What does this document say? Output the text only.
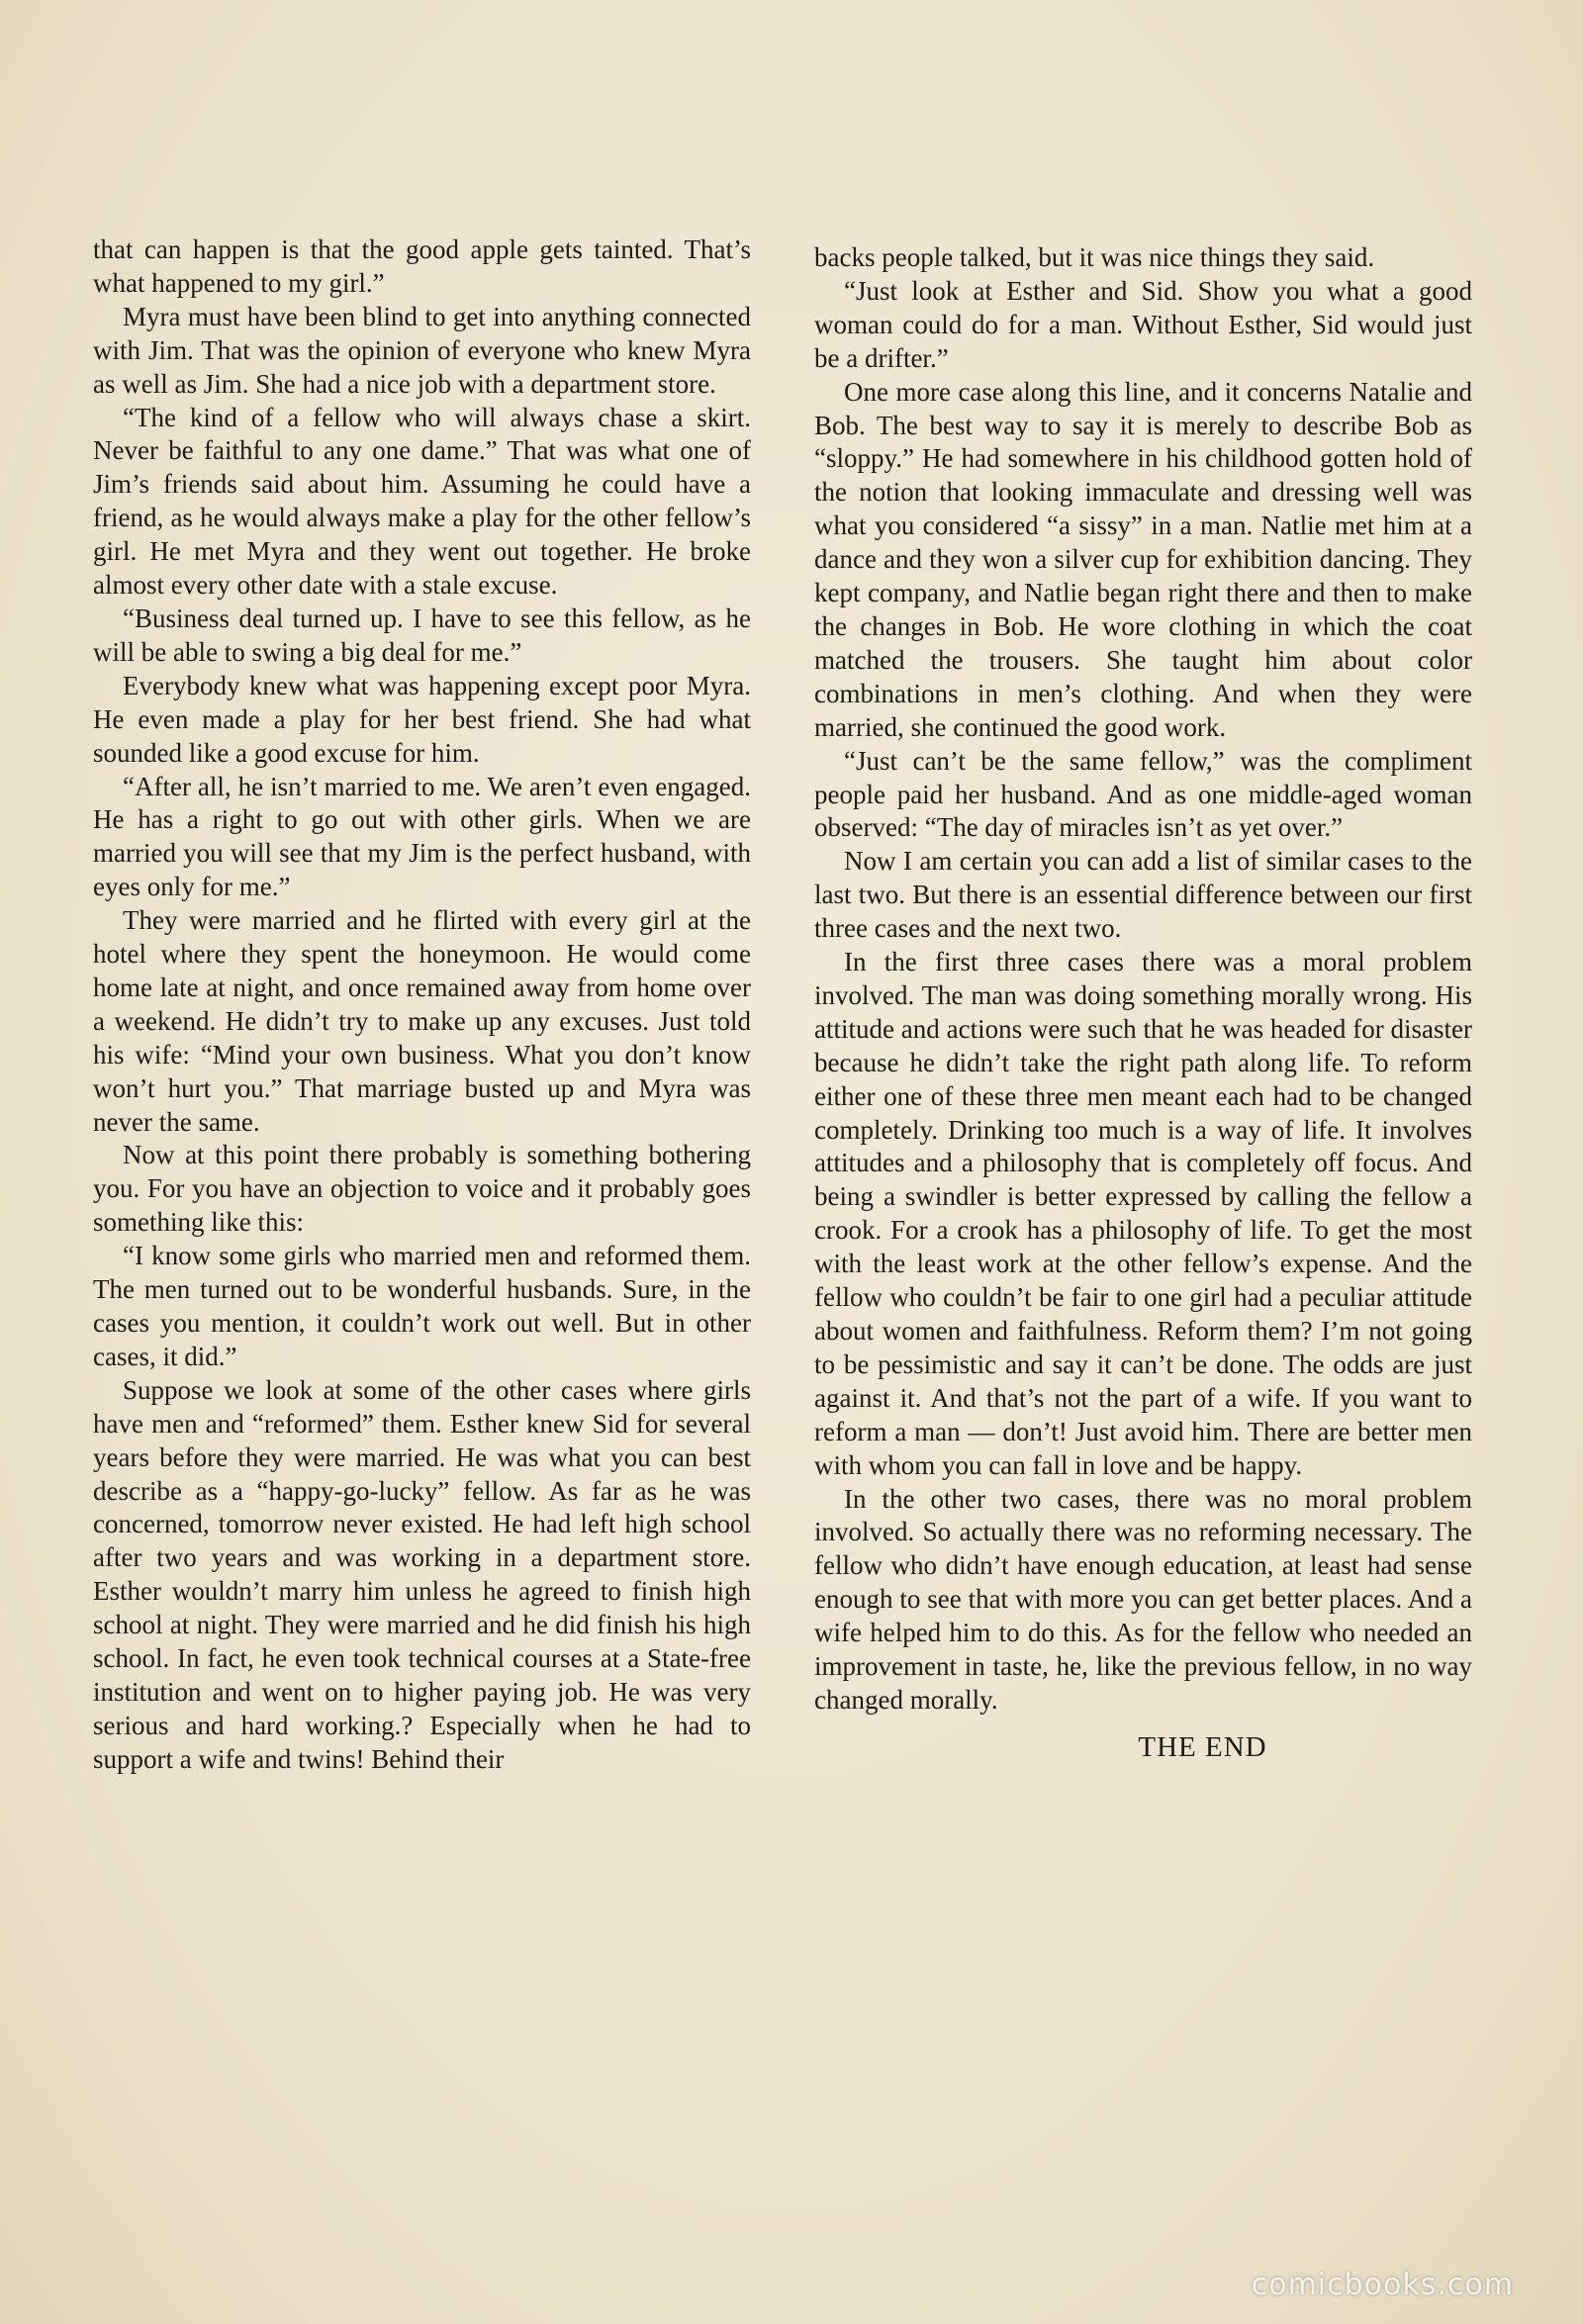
that can happen is that the good apple gets tainted. That’s what happened to my girl.”

Myra must have been blind to get into anything connected with Jim. That was the opinion of everyone who knew Myra as well as Jim. She had a nice job with a department store.

“The kind of a fellow who will always chase a skirt. Never be faithful to any one dame.” That was what one of Jim’s friends said about him. Assuming he could have a friend, as he would always make a play for the other fellow’s girl. He met Myra and they went out together. He broke almost every other date with a stale excuse.

“Business deal turned up. I have to see this fellow, as he will be able to swing a big deal for me.”

Everybody knew what was happening except poor Myra. He even made a play for her best friend. She had what sounded like a good excuse for him.

“After all, he isn’t married to me. We aren’t even engaged. He has a right to go out with other girls. When we are married you will see that my Jim is the perfect husband, with eyes only for me.”

They were married and he flirted with every girl at the hotel where they spent the honeymoon. He would come home late at night, and once remained away from home over a weekend. He didn’t try to make up any excuses. Just told his wife: “Mind your own business. What you don’t know won’t hurt you.” That marriage busted up and Myra was never the same.

Now at this point there probably is something bothering you. For you have an objection to voice and it probably goes something like this:

“I know some girls who married men and reformed them. The men turned out to be wonderful husbands. Sure, in the cases you mention, it couldn’t work out well. But in other cases, it did.”

Suppose we look at some of the other cases where girls have men and “reformed” them. Esther knew Sid for several years before they were married. He was what you can best describe as a “happy-go-lucky” fellow. As far as he was concerned, tomorrow never existed. He had left high school after two years and was working in a department store. Esther wouldn’t marry him unless he agreed to finish high school at night. They were married and he did finish his high school. In fact, he even took technical courses at a State-free institution and went on to higher paying job. He was very serious and hard working.? Especially when he had to support a wife and twins! Behind their

backs people talked, but it was nice things they said.

“Just look at Esther and Sid. Show you what a good woman could do for a man. Without Esther, Sid would just be a drifter.”

One more case along this line, and it concerns Natalie and Bob. The best way to say it is merely to describe Bob as “sloppy.” He had somewhere in his childhood gotten hold of the notion that looking immaculate and dressing well was what you considered “a sissy” in a man. Natlie met him at a dance and they won a silver cup for exhibition dancing. They kept company, and Natlie began right there and then to make the changes in Bob. He wore clothing in which the coat matched the trousers. She taught him about color combinations in men’s clothing. And when they were married, she continued the good work.

“Just can’t be the same fellow,” was the compliment people paid her husband. And as one middle-aged woman observed: “The day of miracles isn’t as yet over.”

Now I am certain you can add a list of similar cases to the last two. But there is an essential difference between our first three cases and the next two.

In the first three cases there was a moral problem involved. The man was doing something morally wrong. His attitude and actions were such that he was headed for disaster because he didn’t take the right path along life. To reform either one of these three men meant each had to be changed completely. Drinking too much is a way of life. It involves attitudes and a philosophy that is completely off focus. And being a swindler is better expressed by calling the fellow a crook. For a crook has a philosophy of life. To get the most with the least work at the other fellow’s expense. And the fellow who couldn’t be fair to one girl had a peculiar attitude about women and faithfulness. Reform them? I’m not going to be pessimistic and say it can’t be done. The odds are just against it. And that’s not the part of a wife. If you want to reform a man — don’t! Just avoid him. There are better men with whom you can fall in love and be happy.

In the other two cases, there was no moral problem involved. So actually there was no reforming necessary. The fellow who didn’t have enough education, at least had sense enough to see that with more you can get better places. And a wife helped him to do this. As for the fellow who needed an improvement in taste, he, like the previous fellow, in no way changed morally.

THE END
comicbooks.com
